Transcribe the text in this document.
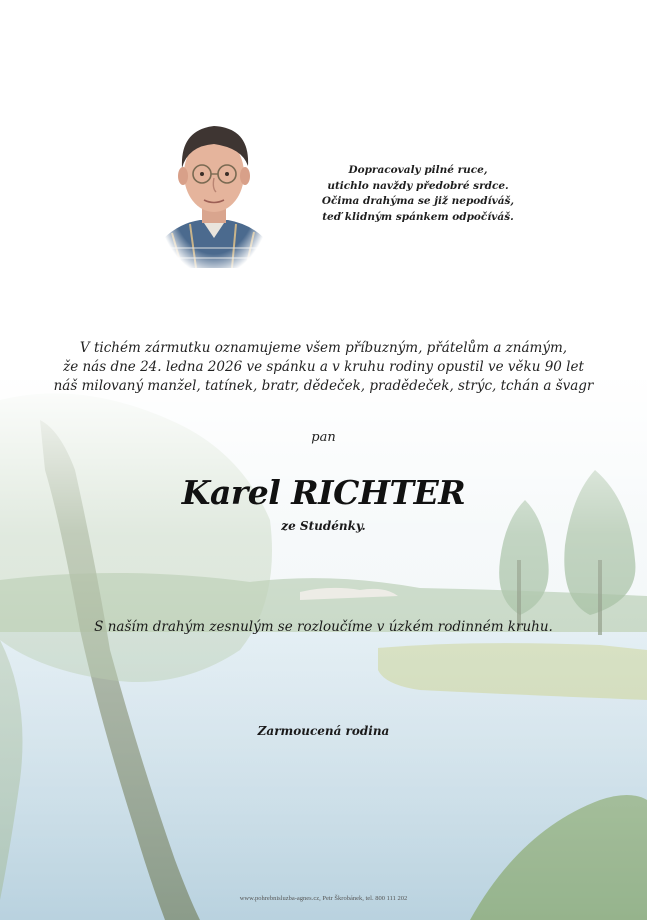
Dopracovaly pilné ruce,
utichlo navždy předobré srdce.
Očima drahýma se již nepodíváš,
teď klidným spánkem odpočíváš.
V tichém zármutku oznamujeme všem příbuzným, přátelům a známým,
že nás dne 24. ledna 2026 ve spánku a v kruhu rodiny opustil ve věku 90 let
náš milovaný manžel, tatínek, bratr, dědeček, pradědeček, strýc, tchán a švagr
pan
Karel RICHTER
ze Studénky.
S naším drahým zesnulým se rozloučíme v úzkém rodinném kruhu.
Zarmoucená rodina
www.pohrebnisluzba-agnes.cz, Petr Škrobánek, tel. 800 111 202
